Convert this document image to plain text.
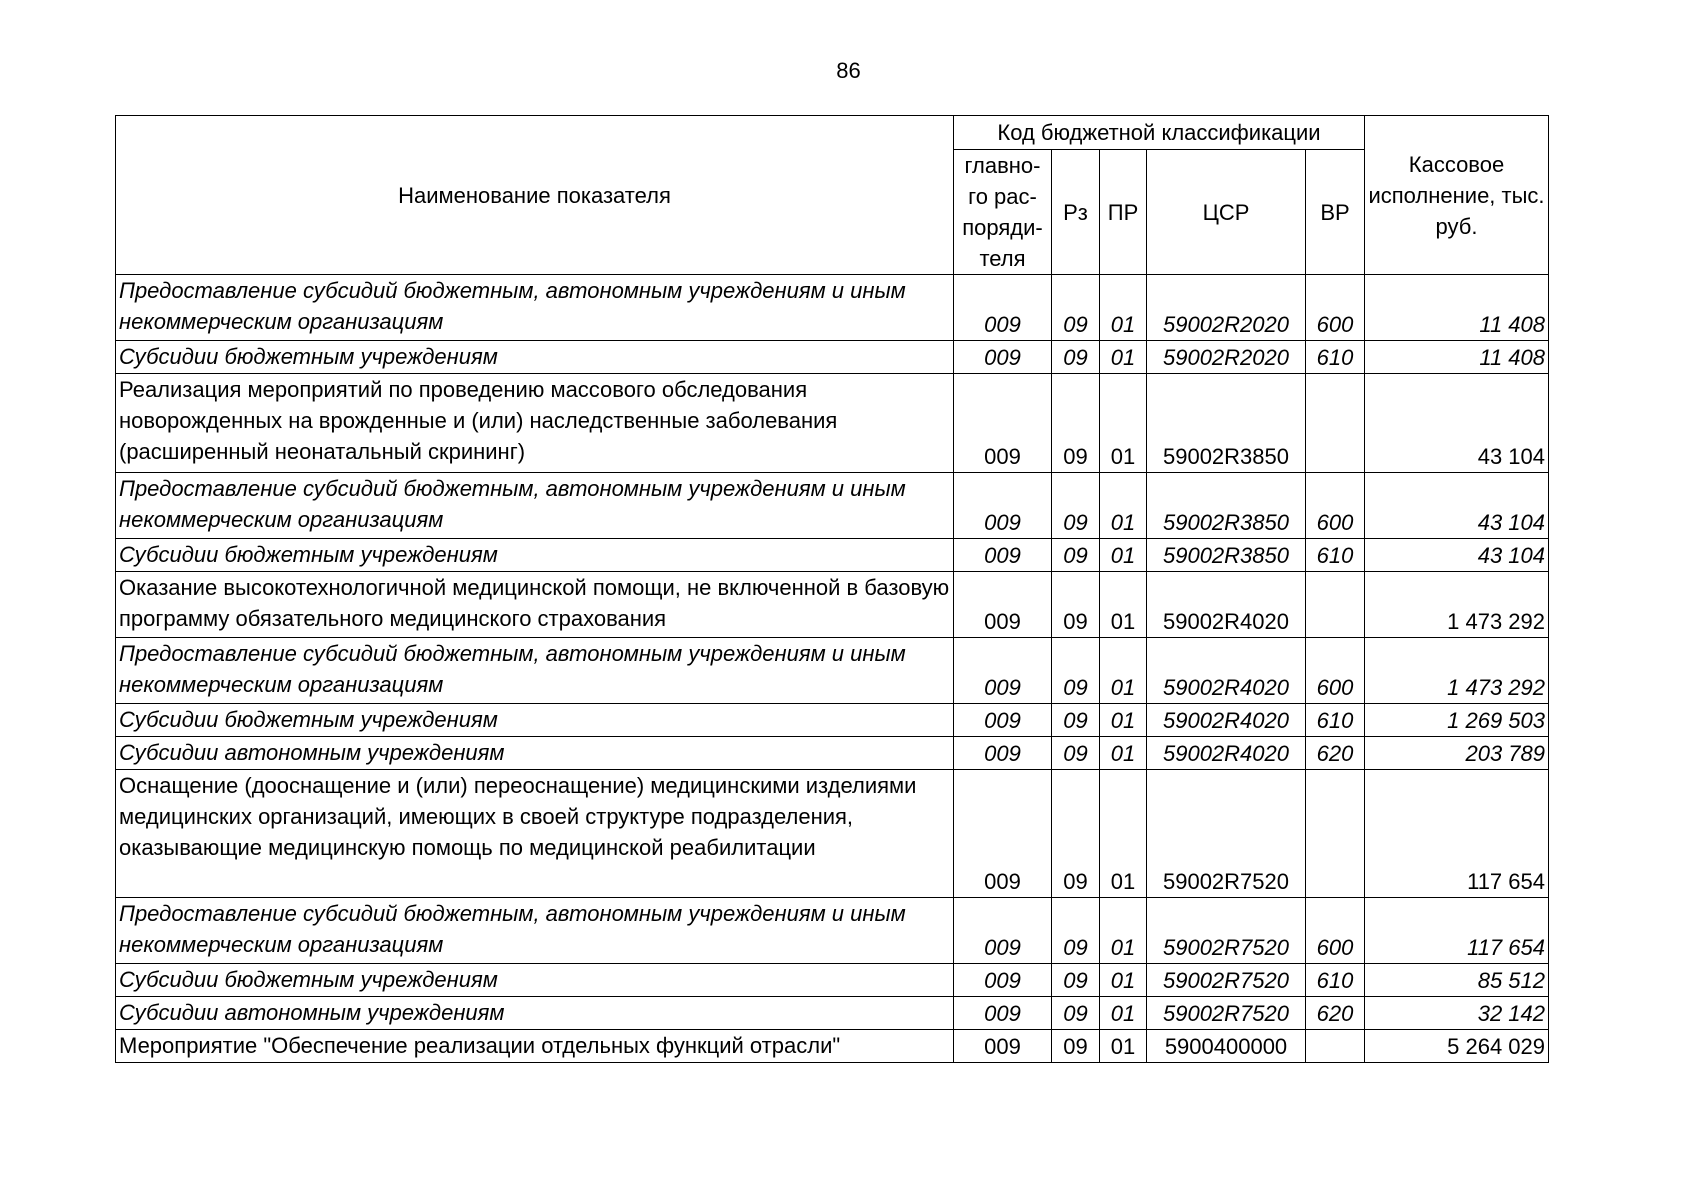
86
Наименование показателя	Код бюджетной классификации					Кассовое исполнение, тыс. руб.
	главно-го рас-поряди-теля	Рз	ПР	ЦСР	ВР	
Предоставление субсидий бюджетным, автономным учреждениям и иным некоммерческим организациям	009	09	01	59002R2020	600	11 408
Субсидии бюджетным учреждениям	009	09	01	59002R2020	610	11 408
Реализация мероприятий по проведению массового обследования новорожденных на врожденные и (или) наследственные заболевания (расширенный неонатальный скрининг)	009	09	01	59002R3850		43 104
Предоставление субсидий бюджетным, автономным учреждениям и иным некоммерческим организациям	009	09	01	59002R3850	600	43 104
Субсидии бюджетным учреждениям	009	09	01	59002R3850	610	43 104
Оказание высокотехнологичной медицинской помощи, не включенной в базовую программу обязательного медицинского страхования	009	09	01	59002R4020		1 473 292
Предоставление субсидий бюджетным, автономным учреждениям и иным некоммерческим организациям	009	09	01	59002R4020	600	1 473 292
Субсидии бюджетным учреждениям	009	09	01	59002R4020	610	1 269 503
Субсидии автономным учреждениям	009	09	01	59002R4020	620	203 789
Оснащение (дооснащение и (или) переоснащение) медицинскими изделиями медицинских организаций, имеющих в своей структуре подразделения, оказывающие медицинскую помощь по медицинской реабилитации	009	09	01	59002R7520		117 654
Предоставление субсидий бюджетным, автономным учреждениям и иным некоммерческим организациям	009	09	01	59002R7520	600	117 654
Субсидии бюджетным учреждениям	009	09	01	59002R7520	610	85 512
Субсидии автономным учреждениям	009	09	01	59002R7520	620	32 142
Мероприятие "Обеспечение реализации отдельных функций отрасли"	009	09	01	5900400000		5 264 029
